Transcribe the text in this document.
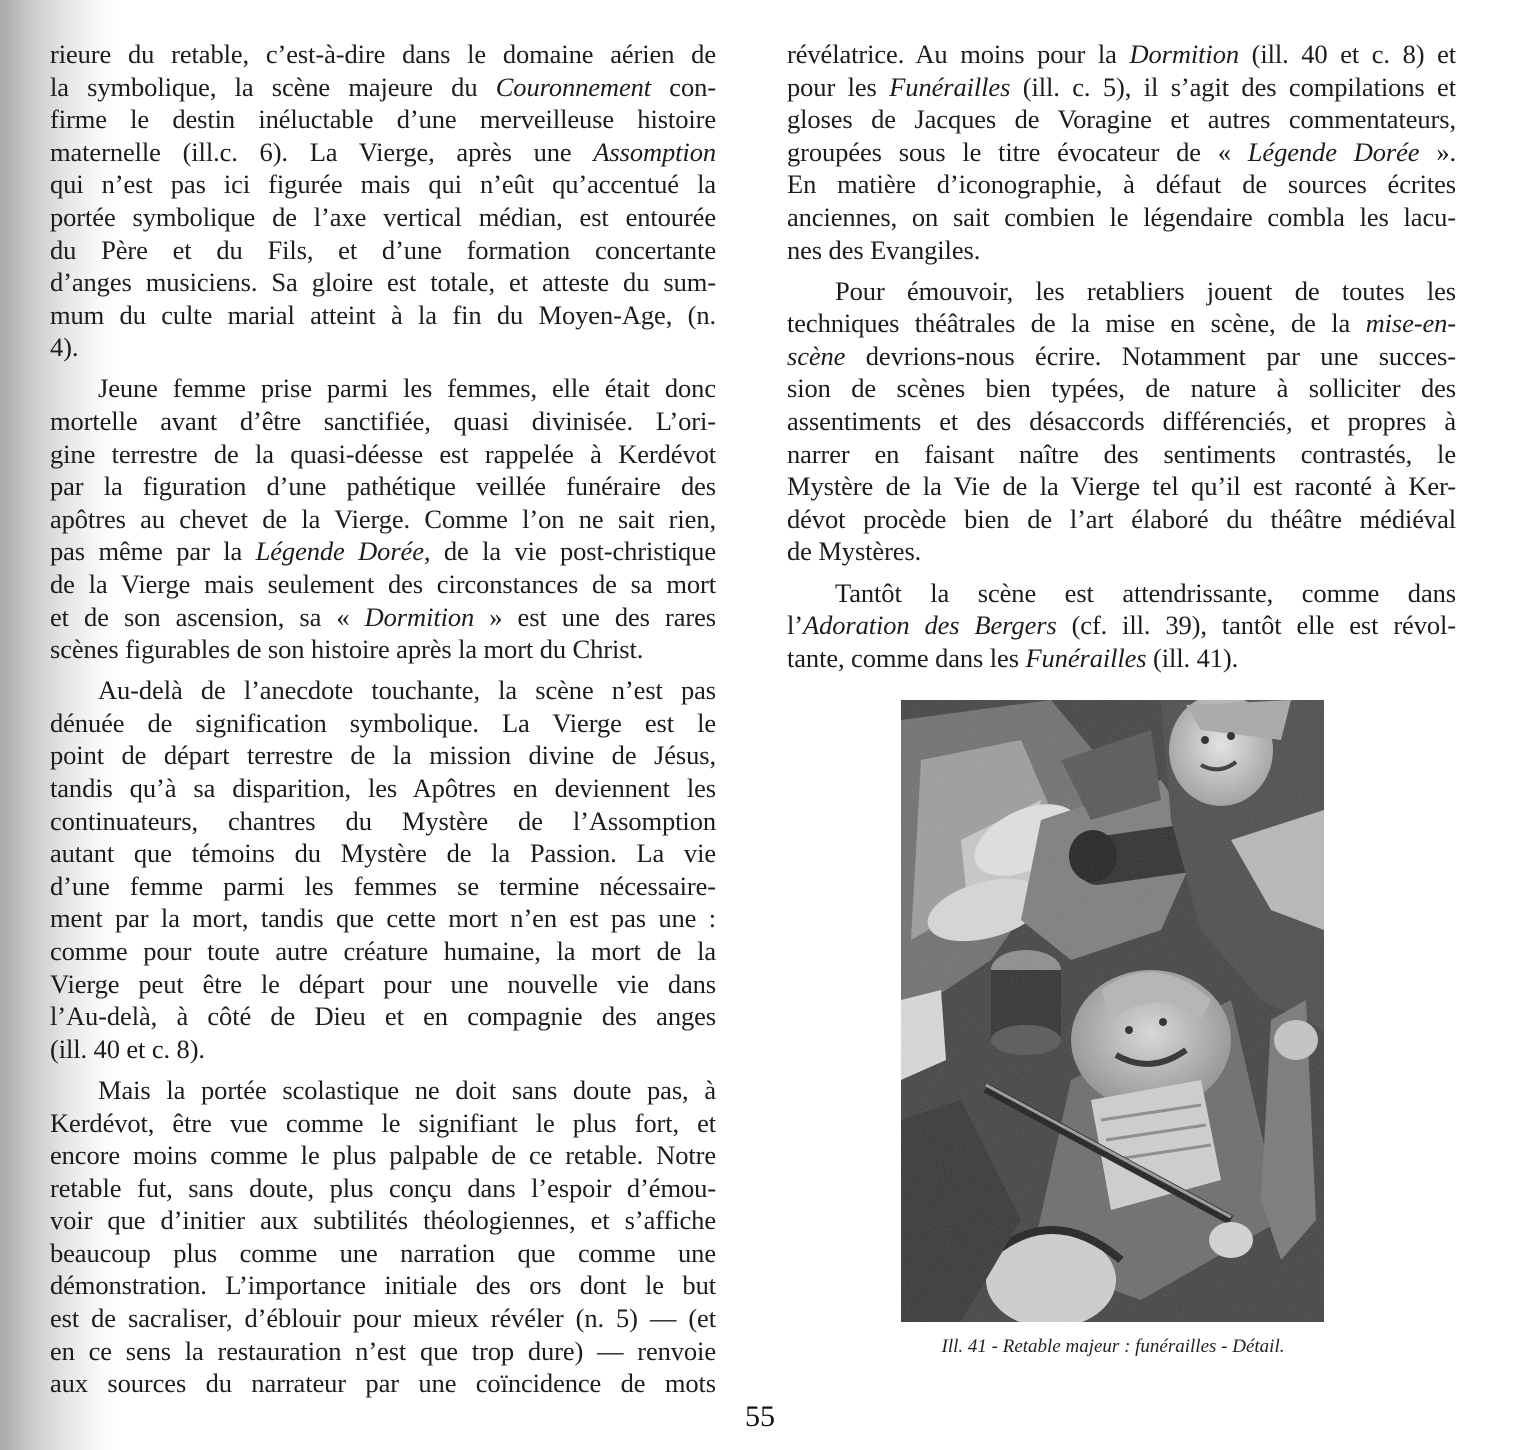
rieure du retable, c’est-à-dire dans le domaine aérien de
la symbolique, la scène majeure du Couronnement con-
firme le destin inéluctable d’une merveilleuse histoire
maternelle (ill.c. 6). La Vierge, après une Assomption
qui n’est pas ici figurée mais qui n’eût qu’accentué la
portée symbolique de l’axe vertical médian, est entourée
du Père et du Fils, et d’une formation concertante
d’anges musiciens. Sa gloire est totale, et atteste du sum-
mum du culte marial atteint à la fin du Moyen-Age, (n.
4).
Jeune femme prise parmi les femmes, elle était donc
mortelle avant d’être sanctifiée, quasi divinisée. L’ori-
gine terrestre de la quasi-déesse est rappelée à Kerdévot
par la figuration d’une pathétique veillée funéraire des
apôtres au chevet de la Vierge. Comme l’on ne sait rien,
pas même par la Légende Dorée, de la vie post-christique
de la Vierge mais seulement des circonstances de sa mort
et de son ascension, sa « Dormition » est une des rares
scènes figurables de son histoire après la mort du Christ.
Au-delà de l’anecdote touchante, la scène n’est pas
dénuée de signification symbolique. La Vierge est le
point de départ terrestre de la mission divine de Jésus,
tandis qu’à sa disparition, les Apôtres en deviennent les
continuateurs, chantres du Mystère de l’Assomption
autant que témoins du Mystère de la Passion. La vie
d’une femme parmi les femmes se termine nécessaire-
ment par la mort, tandis que cette mort n’en est pas une :
comme pour toute autre créature humaine, la mort de la
Vierge peut être le départ pour une nouvelle vie dans
l’Au-delà, à côté de Dieu et en compagnie des anges
(ill. 40 et c. 8).
Mais la portée scolastique ne doit sans doute pas, à
Kerdévot, être vue comme le signifiant le plus fort, et
encore moins comme le plus palpable de ce retable. Notre
retable fut, sans doute, plus conçu dans l’espoir d’émou-
voir que d’initier aux subtilités théologiennes, et s’affiche
beaucoup plus comme une narration que comme une
démonstration. L’importance initiale des ors dont le but
est de sacraliser, d’éblouir pour mieux révéler (n. 5) — (et
en ce sens la restauration n’est que trop dure) — renvoie
aux sources du narrateur par une coïncidence de mots
révélatrice. Au moins pour la Dormition (ill. 40 et c. 8) et
pour les Funérailles (ill. c. 5), il s’agit des compilations et
gloses de Jacques de Voragine et autres commentateurs,
groupées sous le titre évocateur de « Légende Dorée ».
En matière d’iconographie, à défaut de sources écrites
anciennes, on sait combien le légendaire combla les lacu-
nes des Evangiles.
Pour émouvoir, les retabliers jouent de toutes les
techniques théâtrales de la mise en scène, de la mise-en-
scène devrions-nous écrire. Notamment par une succes-
sion de scènes bien typées, de nature à solliciter des
assentiments et des désaccords différenciés, et propres à
narrer en faisant naître des sentiments contrastés, le
Mystère de la Vie de la Vierge tel qu’il est raconté à Ker-
dévot procède bien de l’art élaboré du théâtre médiéval
de Mystères.
Tantôt la scène est attendrissante, comme dans
l’Adoration des Bergers (cf. ill. 39), tantôt elle est révol-
tante, comme dans les Funérailles (ill. 41).
Ill. 41 - Retable majeur : funérailles - Détail.
55
